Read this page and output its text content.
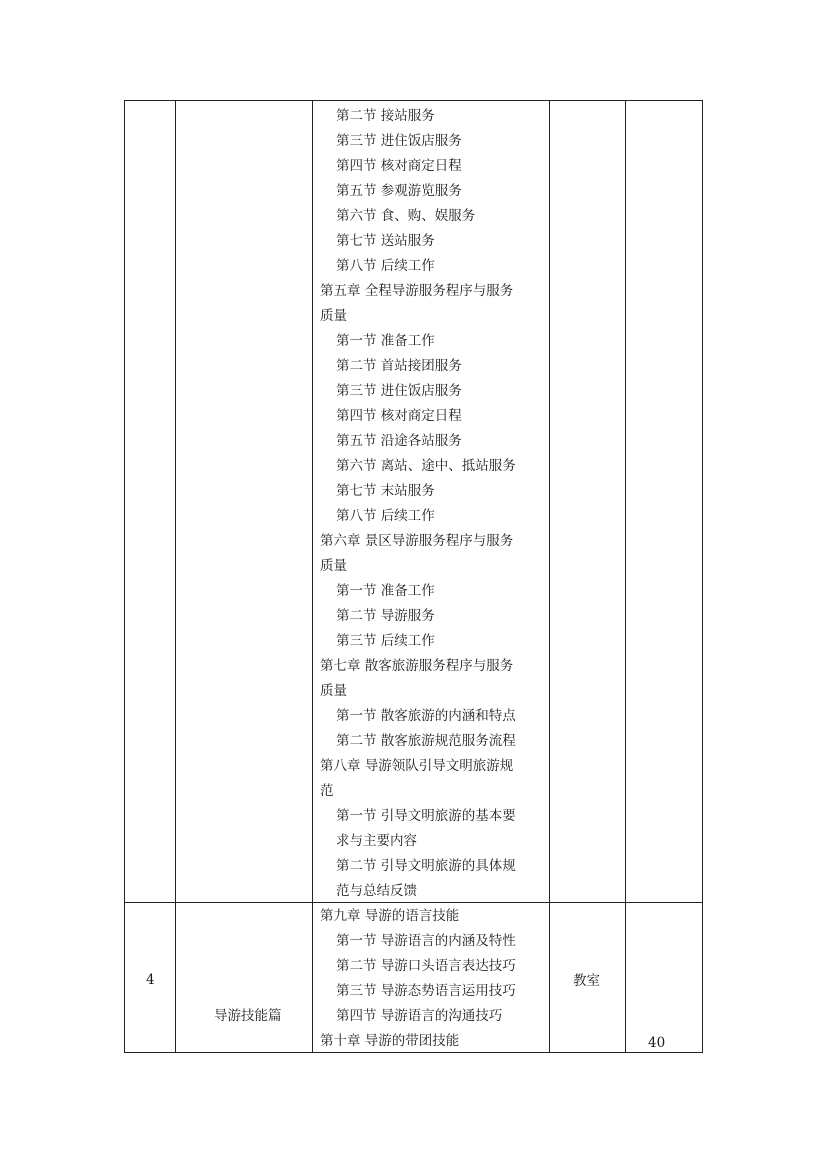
第二节 接站服务
第三节 进住饭店服务
第四节 核对商定日程
第五节 参观游览服务
第六节 食、购、娱服务
第七节 送站服务
第八节 后续工作
第五章 全程导游服务程序与服务
质量
第一节 准备工作
第二节 首站接团服务
第三节 进住饭店服务
第四节 核对商定日程
第五节 沿途各站服务
第六节 离站、途中、抵站服务
第七节 末站服务
第八节 后续工作
第六章 景区导游服务程序与服务
质量
第一节 准备工作
第二节 导游服务
第三节 后续工作
第七章 散客旅游服务程序与服务
质量
第一节 散客旅游的内涵和特点
第二节 散客旅游规范服务流程
第八章 导游领队引导文明旅游规
范
第一节 引导文明旅游的基本要
求与主要内容
第二节 引导文明旅游的具体规
范与总结反馈
4
导游技能篇
教室
40
第九章 导游的语言技能
第一节 导游语言的内涵及特性
第二节 导游口头语言表达技巧
第三节 导游态势语言运用技巧
第四节 导游语言的沟通技巧
第十章 导游的带团技能
